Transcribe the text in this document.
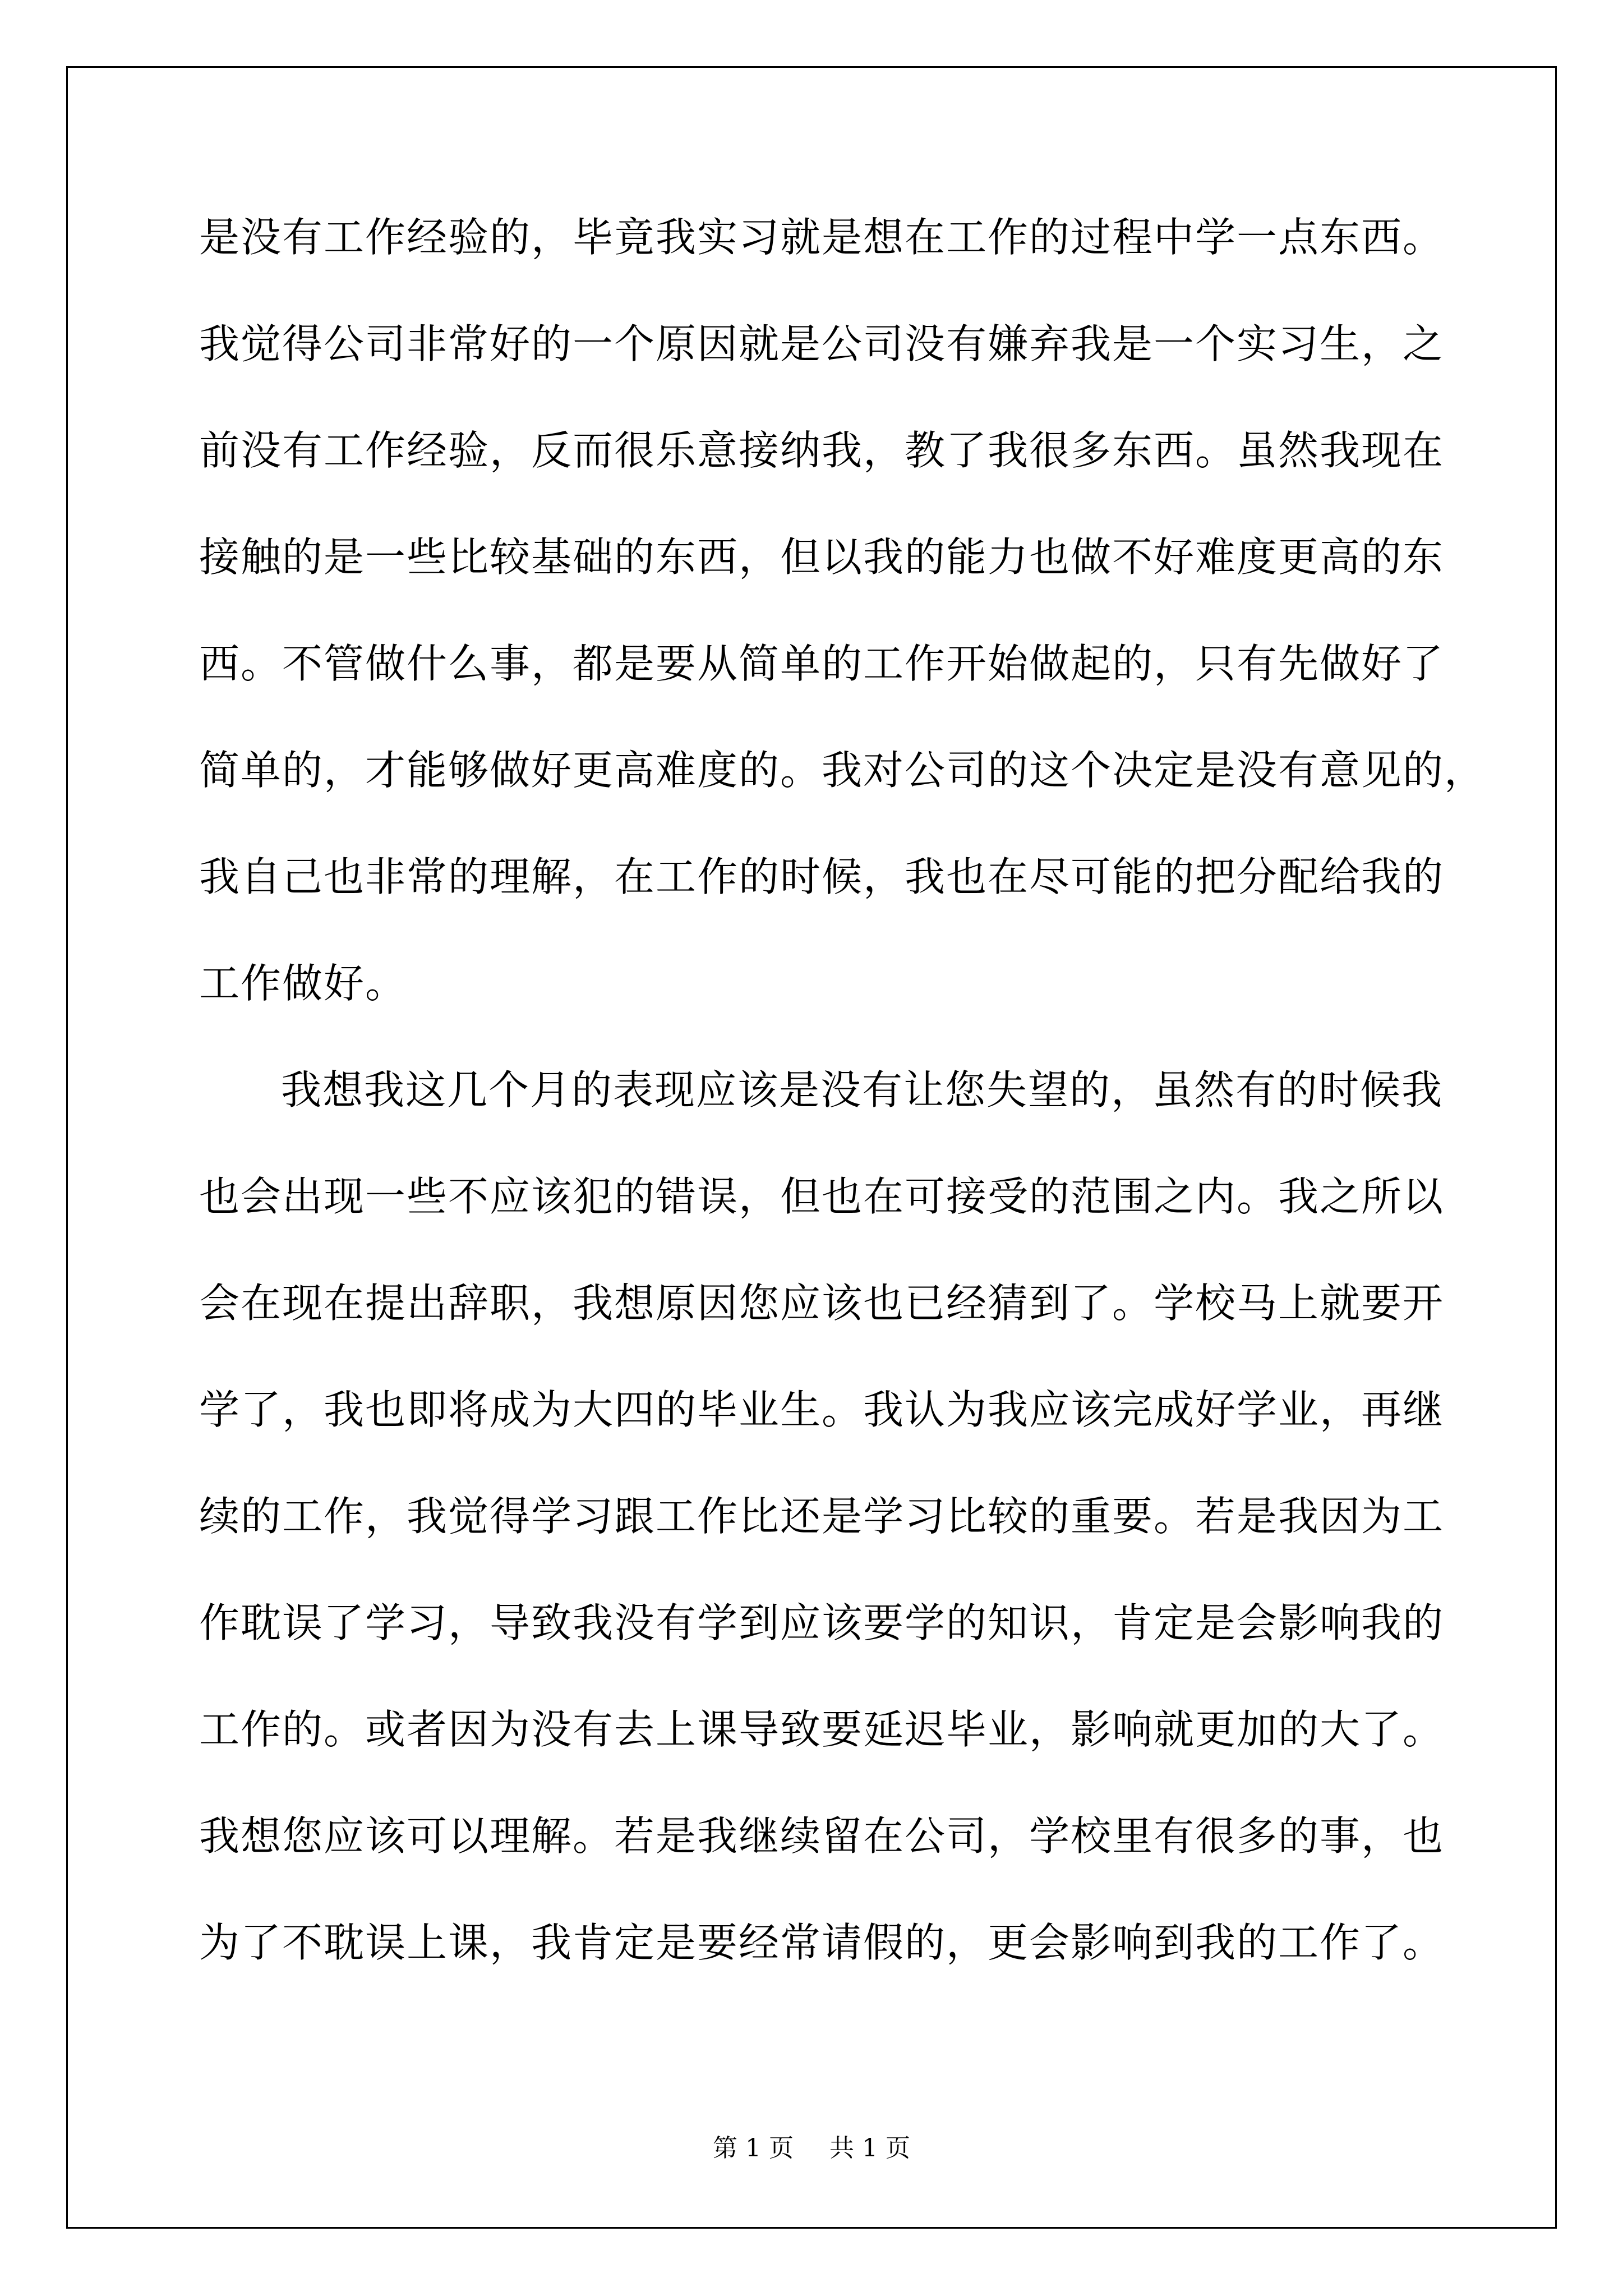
是没有工作经验的，毕竟我实习就是想在工作的过程中学一点东西。
我觉得公司非常好的一个原因就是公司没有嫌弃我是一个实习生，之
前没有工作经验，反而很乐意接纳我，教了我很多东西。虽然我现在
接触的是一些比较基础的东西，但以我的能力也做不好难度更高的东
西。不管做什么事，都是要从简单的工作开始做起的，只有先做好了
简单的，才能够做好更高难度的。我对公司的这个决定是没有意见的，
我自己也非常的理解，在工作的时候，我也在尽可能的把分配给我的
工作做好。
我想我这几个月的表现应该是没有让您失望的，虽然有的时候我
也会出现一些不应该犯的错误，但也在可接受的范围之内。我之所以
会在现在提出辞职，我想原因您应该也已经猜到了。学校马上就要开
学了，我也即将成为大四的毕业生。我认为我应该完成好学业，再继
续的工作，我觉得学习跟工作比还是学习比较的重要。若是我因为工
作耽误了学习，导致我没有学到应该要学的知识，肯定是会影响我的
工作的。或者因为没有去上课导致要延迟毕业，影响就更加的大了。
我想您应该可以理解。若是我继续留在公司，学校里有很多的事，也
为了不耽误上课，我肯定是要经常请假的，更会影响到我的工作了。
第 1 页 共 1 页
